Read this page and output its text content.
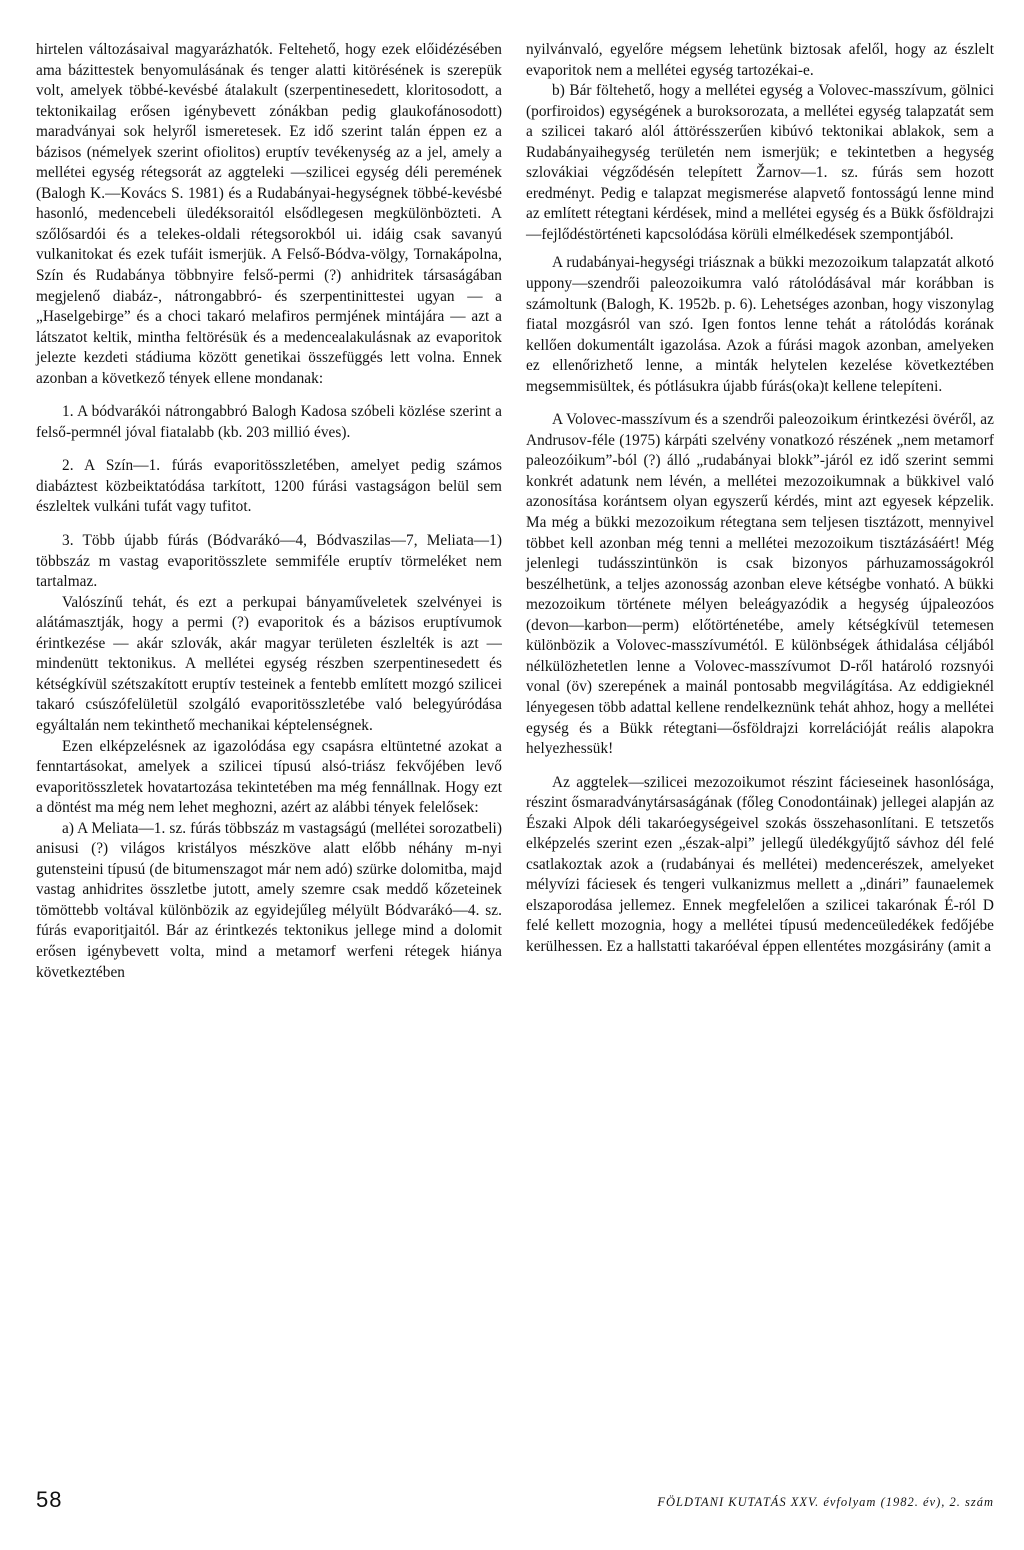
hirtelen változásaival magyarázhatók. Feltehető, hogy ezek előidézésében ama bázittestek benyomulásának és tenger alatti kitörésének is szerepük volt, amelyek többé-kevésbé átalakult (szerpentinesedett, kloritosodott, a tektonikailag erősen igénybevett zónákban pedig glaukofánosodott) maradványai sok helyről ismeretesek. Ez idő szerint talán éppen ez a bázisos (némelyek szerint ofiolitos) eruptív tevékenység az a jel, amely a mellétei egység rétegsorát az aggteleki —szilicei egység déli peremének (Balogh K.—Kovács S. 1981) és a Rudabányai-hegységnek többé-kevésbé hasonló, medencebeli üledéksoraitól elsődlegesen megkülönbözteti. A szőlősardói és a telekes-oldali rétegsorokból ui. idáig csak savanyú vulkanitokat és ezek tufáit ismerjük. A Felső-Bódva-völgy, Tornakápolna, Szín és Rudabánya többnyire felső-permi (?) anhidritek társaságában megjelenő diabáz-, nátrongabbró- és szerpentinittestei ugyan — a „Haselgebirge” és a choci takaró melafiros permjének mintájára — azt a látszatot keltik, mintha feltörésük és a medencealakulásnak az evaporitok jelezte kezdeti stádiuma között genetikai összefüggés lett volna. Ennek azonban a következő tények ellene mondanak:

1. A bódvarákói nátrongabbró Balogh Kadosa szóbeli közlése szerint a felső-permnél jóval fiatalabb (kb. 203 millió éves).

2. A Szín—1. fúrás evaporitösszletében, amelyet pedig számos diabáztest közbeiktatódása tarkított, 1200 fúrási vastagságon belül sem észleltek vulkáni tufát vagy tufitot.

3. Több újabb fúrás (Bódvarákó—4, Bódvaszilas—7, Meliata—1) többszáz m vastag evaporitösszlete semmiféle eruptív törmeléket nem tartalmaz.

Valószínű tehát, és ezt a perkupai bányaműveletek szelvényei is alátámasztják, hogy a permi (?) evaporitok és a bázisos eruptívumok érintkezése — akár szlovák, akár magyar területen észlelték is azt — mindenütt tektonikus. A mellétei egység részben szerpentinesedett és kétségkívül szétszakított eruptív testeinek a fentebb említett mozgó szilicei takaró csúszófelületül szolgáló evaporitösszletébe való belegyúródása egyáltalán nem tekinthető mechanikai képtelenségnek.

Ezen elképzelésnek az igazolódása egy csapásra eltüntetné azokat a fenntartásokat, amelyek a szilicei típusú alsó-triász fekvőjében levő evaporitösszletek hovatartozása tekintetében ma még fennállnak. Hogy ezt a döntést ma még nem lehet meghozni, azért az alábbi tények felelősek:

a) A Meliata—1. sz. fúrás többszáz m vastagságú (mellétei sorozatbeli) anisusi (?) világos kristályos mészköve alatt előbb néhány m-nyi gutensteini típusú (de bitumenszagot már nem adó) szürke dolomitba, majd vastag anhidrites összletbe jutott, amely szemre csak meddő kőzeteinek tömöttebb voltával különbözik az egyidejűleg mélyült Bódvarákó—4. sz. fúrás evaporitjaitól. Bár az érintkezés tektonikus jellege mind a dolomit erősen igénybevett volta, mind a metamorf werfeni rétegek hiánya következtében

nyilvánvaló, egyelőre mégsem lehetünk biztosak afelől, hogy az észlelt evaporitok nem a mellétei egység tartozékai-e.

b) Bár föltehető, hogy a mellétei egység a Volovec-masszívum, gölnici (porfiroidos) egységének a buroksorozata, a mellétei egység talapzatát sem a szilicei takaró alól áttörésszerűen kibúvó tektonikai ablakok, sem a Rudabányaihegység területén nem ismerjük; e tekintetben a hegység szlovákiai végződésén telepített Žarnov—1. sz. fúrás sem hozott eredményt. Pedig e talapzat megismerése alapvető fontosságú lenne mind az említett rétegtani kérdések, mind a mellétei egység és a Bükk ősföldrajzi—fejlődéstörténeti kapcsolódása körüli elmélkedések szempontjából.

A rudabányai-hegységi triásznak a bükki mezozoikum talapzatát alkotó uppony—szendrői paleozoikumra való rátolódásával már korábban is számoltunk (Balogh, K. 1952b. p. 6). Lehetséges azonban, hogy viszonylag fiatal mozgásról van szó. Igen fontos lenne tehát a rátolódás korának kellően dokumentált igazolása. Azok a fúrási magok azonban, amelyeken ez ellenőrizhető lenne, a minták helytelen kezelése következtében megsemmisültek, és pótlásukra újabb fúrás(oka)t kellene telepíteni.

A Volovec-masszívum és a szendrői paleozoikum érintkezési övéről, az Andrusov-féle (1975) kárpáti szelvény vonatkozó részének „nem metamorf paleozóikum”-ból (?) álló „rudabányai blokk”-járól ez idő szerint semmi konkrét adatunk nem lévén, a mellétei mezozoikumnak a bükkivel való azonosítása korántsem olyan egyszerű kérdés, mint azt egyesek képzelik. Ma még a bükki mezozoikum rétegtana sem teljesen tisztázott, mennyivel többet kell azonban még tenni a mellétei mezozoikum tisztázásáért! Még jelenlegi tudásszintünkön is csak bizonyos párhuzamosságokról beszélhetünk, a teljes azonosság azonban eleve kétségbe vonható. A bükki mezozoikum története mélyen beleágyazódik a hegység újpaleozóos (devon—karbon—perm) előtörténetébe, amely kétségkívül tetemesen különbözik a Volovec-masszívumétól. E különbségek áthidalása céljából nélkülözhetetlen lenne a Volovec-masszívumot D-ről határoló rozsnyói vonal (öv) szerepének a mainál pontosabb megvilágítása. Az eddigieknél lényegesen több adattal kellene rendelkeznünk tehát ahhoz, hogy a mellétei egység és a Bükk rétegtani—ősföldrajzi korrelációját reális alapokra helyezhessük!

Az aggtelek—szilicei mezozoikumot részint fácieseinek hasonlósága, részint ősmaradványtársaságának (főleg Conodontáinak) jellegei alapján az Északi Alpok déli takaróegységeivel szokás összehasonlítani. E tetszetős elképzelés szerint ezen „észak-alpi” jellegű üledékgyűjtő sávhoz dél felé csatlakoztak azok a (rudabányai és mellétei) medencerészek, amelyeket mélyvízi fáciesek és tengeri vulkanizmus mellett a „dinári” faunaelemek elszaporodása jellemez. Ennek megfelelően a szilicei takarónak É-ról D felé kellett mozognia, hogy a mellétei típusú medenceüledékek fedőjébe kerülhessen. Ez a hallstatti takaróéval éppen ellentétes mozgásirány (amit a

58	FÖLDTANI KUTATÁS XXV. évfolyam (1982. év), 2. szám
